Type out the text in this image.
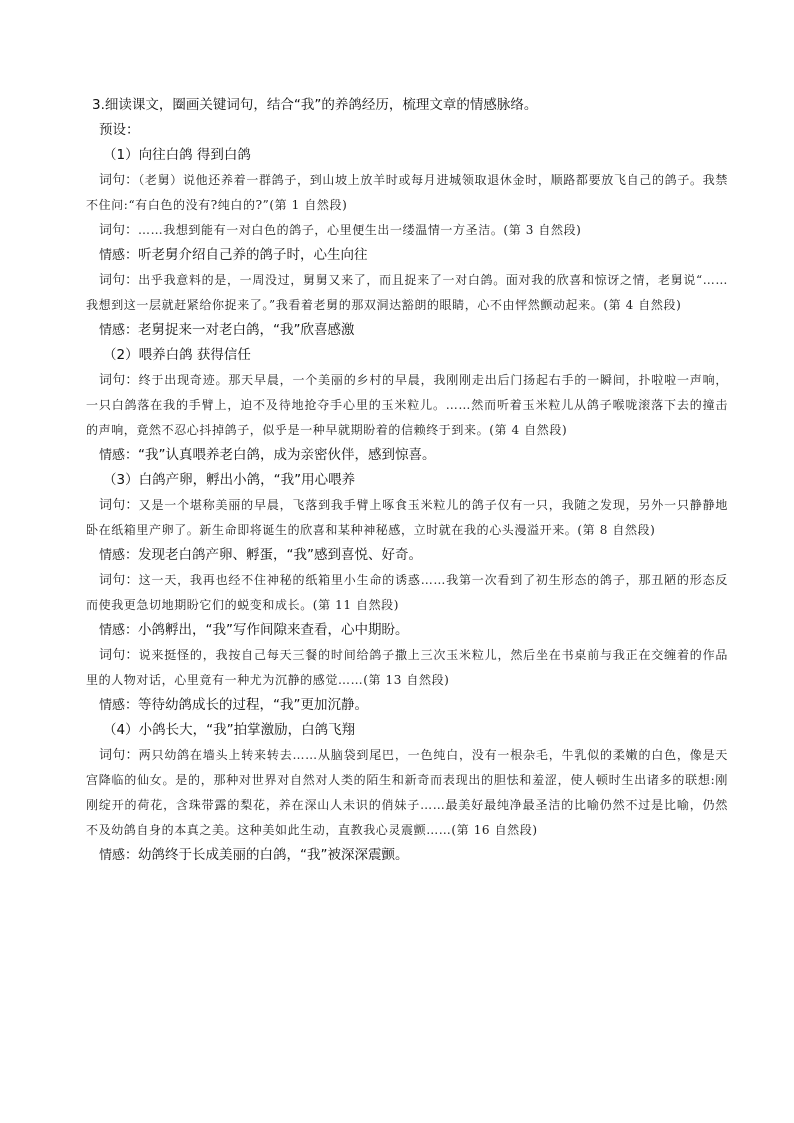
3.细读课文，圈画关键词句，结合“我”的养鸽经历，梳理文章的情感脉络。

预设：

（1）向往白鸽 得到白鸽

词句：（老舅）说他还养着一群鸽子，到山坡上放羊时或每月进城领取退休金时，顺路都要放飞自己的鸽子。我禁不住问:“有白色的没有?纯白的?”(第 1 自然段)

词句：……我想到能有一对白色的鸽子，心里便生出一缕温情一方圣洁。(第 3 自然段)

情感：听老舅介绍自己养的鸽子时，心生向往

词句：出乎我意料的是，一周没过，舅舅又来了，而且捉来了一对白鸽。面对我的欣喜和惊讶之情，老舅说“……我想到这一层就赶紧给你捉来了。”我看着老舅的那双洞达豁朗的眼睛，心不由怦然颤动起来。(第 4 自然段)

情感：老舅捉来一对老白鸽，“我”欣喜感激

（2）喂养白鸽 获得信任

词句：终于出现奇迹。那天早晨，一个美丽的乡村的早晨，我刚刚走出后门扬起右手的一瞬间，扑啦啦一声响，一只白鸽落在我的手臂上，迫不及待地抢夺手心里的玉米粒儿。……然而听着玉米粒儿从鸽子喉咙滚落下去的撞击的声响，竟然不忍心抖掉鸽子，似乎是一种早就期盼着的信赖终于到来。(第 4 自然段)

情感：“我”认真喂养老白鸽，成为亲密伙伴，感到惊喜。

（3）白鸽产卵，孵出小鸽，“我”用心喂养

词句：又是一个堪称美丽的早晨，飞落到我手臂上啄食玉米粒儿的鸽子仅有一只，我随之发现，另外一只静静地卧在纸箱里产卵了。新生命即将诞生的欣喜和某种神秘感，立时就在我的心头漫溢开来。(第 8 自然段)

情感：发现老白鸽产卵、孵蛋，“我”感到喜悦、好奇。

词句：这一天，我再也经不住神秘的纸箱里小生命的诱惑……我第一次看到了初生形态的鸽子，那丑陋的形态反而使我更急切地期盼它们的蜕变和成长。(第 11 自然段)

情感：小鸽孵出，“我”写作间隙来查看，心中期盼。

词句：说来挺怪的，我按自己每天三餐的时间给鸽子撒上三次玉米粒儿，然后坐在书桌前与我正在交缠着的作品里的人物对话，心里竟有一种尤为沉静的感觉……(第 13 自然段)

情感：等待幼鸽成长的过程，“我”更加沉静。

（4）小鸽长大，“我”拍掌激励，白鸽飞翔

词句：两只幼鸽在墙头上转来转去……从脑袋到尾巴，一色纯白，没有一根杂毛，牛乳似的柔嫩的白色，像是天宫降临的仙女。是的，那种对世界对自然对人类的陌生和新奇而表现出的胆怯和羞涩，使人顿时生出诸多的联想:刚刚绽开的荷花，含珠带露的梨花，养在深山人未识的俏妹子……最美好最纯净最圣洁的比喻仍然不过是比喻，仍然不及幼鸽自身的本真之美。这种美如此生动，直教我心灵震颤……(第 16 自然段)

情感：幼鸽终于长成美丽的白鸽，“我”被深深震颤。
